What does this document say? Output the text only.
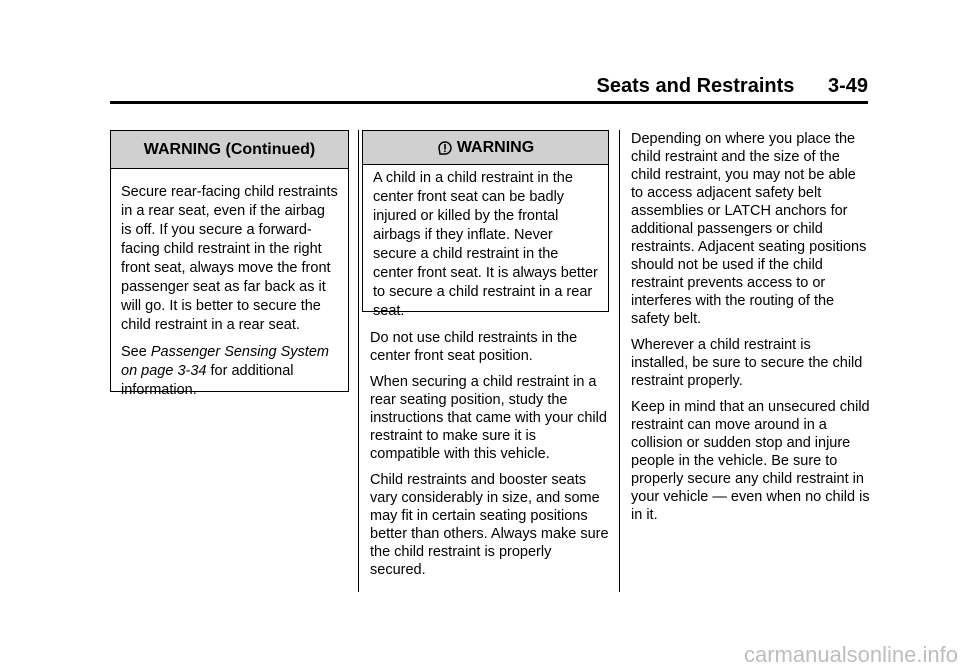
Seats and Restraints 3-49
WARNING (Continued)

Secure rear-facing child restraints in a rear seat, even if the airbag is off. If you secure a forward-facing child restraint in the right front seat, always move the front passenger seat as far back as it will go. It is better to secure the child restraint in a rear seat.

See Passenger Sensing System on page 3-34 for additional information.

WARNING

A child in a child restraint in the center front seat can be badly injured or killed by the frontal airbags if they inflate. Never secure a child restraint in the center front seat. It is always better to secure a child restraint in a rear seat.

Do not use child restraints in the center front seat position.

When securing a child restraint in a rear seating position, study the instructions that came with your child restraint to make sure it is compatible with this vehicle.

Child restraints and booster seats vary considerably in size, and some may fit in certain seating positions better than others. Always make sure the child restraint is properly secured.

Depending on where you place the child restraint and the size of the child restraint, you may not be able to access adjacent safety belt assemblies or LATCH anchors for additional passengers or child restraints. Adjacent seating positions should not be used if the child restraint prevents access to or interferes with the routing of the safety belt.

Wherever a child restraint is installed, be sure to secure the child restraint properly.

Keep in mind that an unsecured child restraint can move around in a collision or sudden stop and injure people in the vehicle. Be sure to properly secure any child restraint in your vehicle — even when no child is in it.

carmanualsonline.info
